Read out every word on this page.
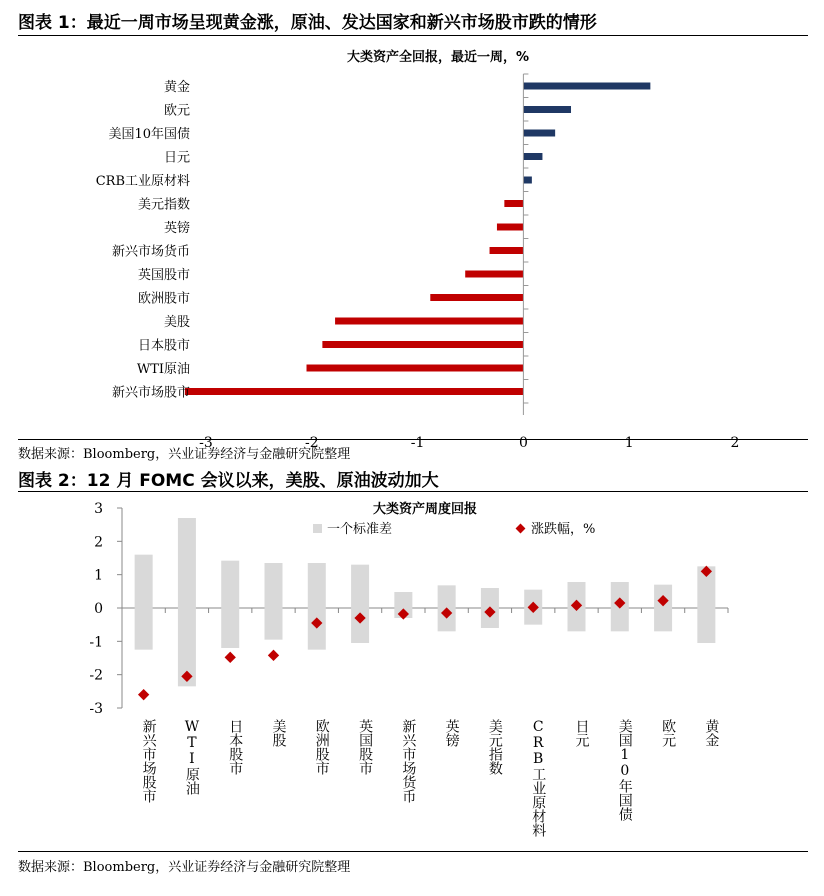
图表 1：最近一周市场呈现黄金涨，原油、发达国家和新兴市场股市跌的情形
大类资产全回报，最近一周，%
黄金
欧元
美国10年国债
日元
CRB工业原材料
美元指数
英镑
新兴市场货币
英国股市
欧洲股市
美股
日本股市
WTI原油
新兴市场股市
-3	-2	-1	0	1	2
数据来源：Bloomberg，兴业证券经济与金融研究院整理
图表 2：12 月 FOMC 会议以来，美股、原油波动加大
大类资产周度回报
一个标准差	涨跌幅，%
-3
-2
-1
0
1
2
3
新兴市场股市 WTI原油 日本股市 美股 欧洲股市 英国股市 新兴市场货币 英镑 美元指数 CRB工业原材料 日元 美国10年国债 欧元 黄金
数据来源：Bloomberg，兴业证券经济与金融研究院整理
